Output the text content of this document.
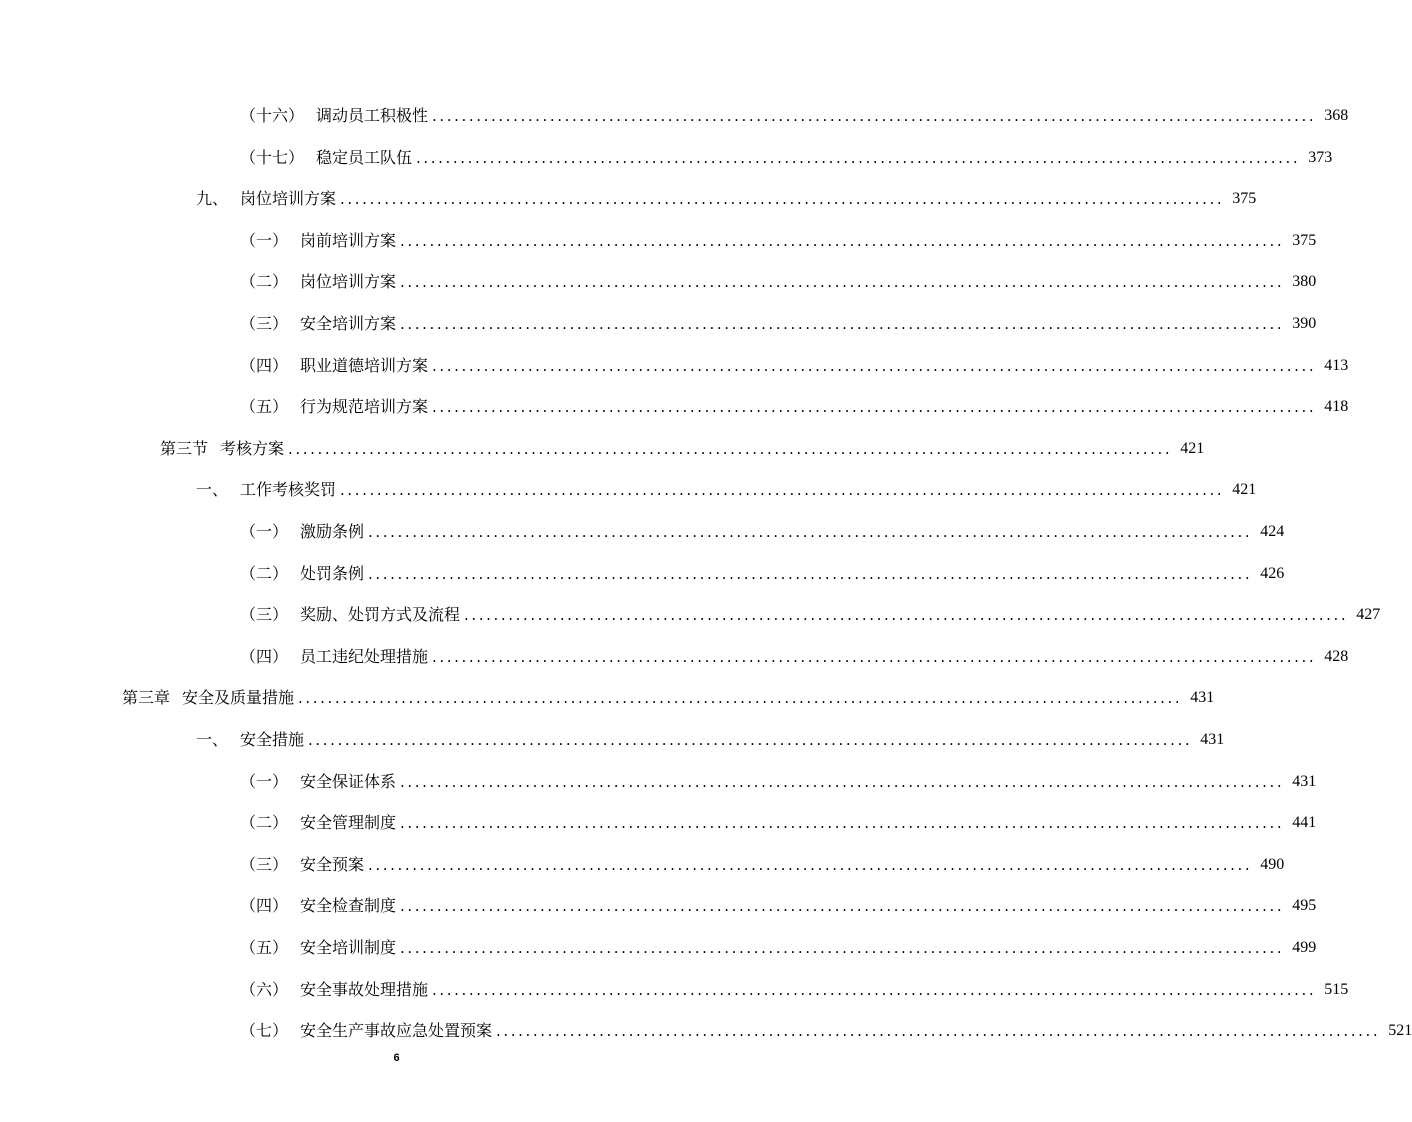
（十六） 调动员工积极性 ........................................................................................................................ 368
（十七） 稳定员工队伍 ........................................................................................................................ 373
九、 岗位培训方案 ........................................................................................................................ 375
（一） 岗前培训方案 ........................................................................................................................ 375
（二） 岗位培训方案 ........................................................................................................................ 380
（三） 安全培训方案 ........................................................................................................................ 390
（四） 职业道德培训方案 ........................................................................................................................ 413
（五） 行为规范培训方案 ........................................................................................................................ 418
第三节 考核方案 ........................................................................................................................ 421
一、 工作考核奖罚 ........................................................................................................................ 421
（一） 激励条例 ........................................................................................................................ 424
（二） 处罚条例 ........................................................................................................................ 426
（三） 奖励、处罚方式及流程 ........................................................................................................................ 427
（四） 员工违纪处理措施 ........................................................................................................................ 428
第三章 安全及质量措施 ........................................................................................................................ 431
一、 安全措施 ........................................................................................................................ 431
（一） 安全保证体系 ........................................................................................................................ 431
（二） 安全管理制度 ........................................................................................................................ 441
（三） 安全预案 ........................................................................................................................ 490
（四） 安全检查制度 ........................................................................................................................ 495
（五） 安全培训制度 ........................................................................................................................ 499
（六） 安全事故处理措施 ........................................................................................................................ 515
（七） 安全生产事故应急处置预案 ........................................................................................................................ 521
6
